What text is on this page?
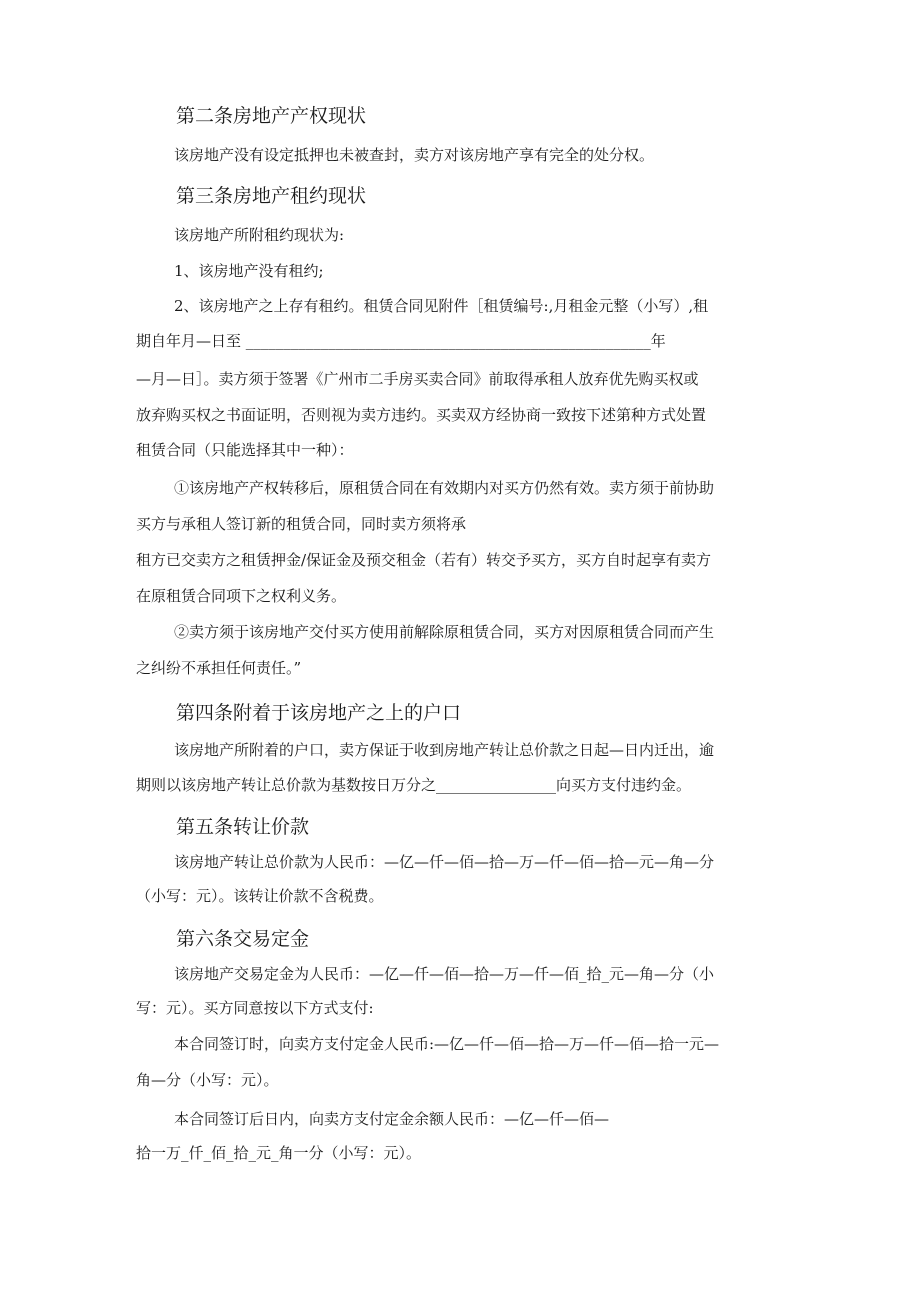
第二条房地产产权现状
该房地产没有设定抵押也未被查封，卖方对该房地产享有完全的处分权。
第三条房地产租约现状
该房地产所附租约现状为:
1、该房地产没有租约;
2、该房地产之上存有租约。租赁合同见附件［租赁编号:,月租金元整（小写）,租
期自年月—日至 ______________________________________________________年
—月—日］。卖方须于签署《广州市二手房买卖合同》前取得承租人放弃优先购买权或
放弃购买权之书面证明，否则视为卖方违约。买卖双方经协商一致按下述第种方式处置
租赁合同（只能选择其中一种）：
①该房地产产权转移后，原租赁合同在有效期内对买方仍然有效。卖方须于前协助
买方与承租人签订新的租赁合同，同时卖方须将承
租方已交卖方之租赁押金/保证金及预交租金（若有）转交予买方，买方自时起享有卖方
在原租赁合同项下之权利义务。
②卖方须于该房地产交付买方使用前解除原租赁合同，买方对因原租赁合同而产生
之纠纷不承担任何责任。”
第四条附着于该房地产之上的户口
该房地产所附着的户口，卖方保证于收到房地产转让总价款之日起—日内迁出，逾
期则以该房地产转让总价款为基数按日万分之________________向买方支付违约金。
第五条转让价款
该房地产转让总价款为人民币：—亿—仟—佰—拾—万—仟—佰—拾—元—角—分
（小写：元）。该转让价款不含税费。
第六条交易定金
该房地产交易定金为人民币：—亿—仟—佰—拾—万—仟—佰_拾_元—角—分（小
写：元）。买方同意按以下方式支付:
本合同签订时，向卖方支付定金人民币:—亿—仟—佰—拾—万—仟—佰—拾一元—
角—分（小写：元）。
本合同签订后日内，向卖方支付定金余额人民币：—亿—仟—佰—
拾一万_仟_佰_拾_元_角一分（小写：元）。
